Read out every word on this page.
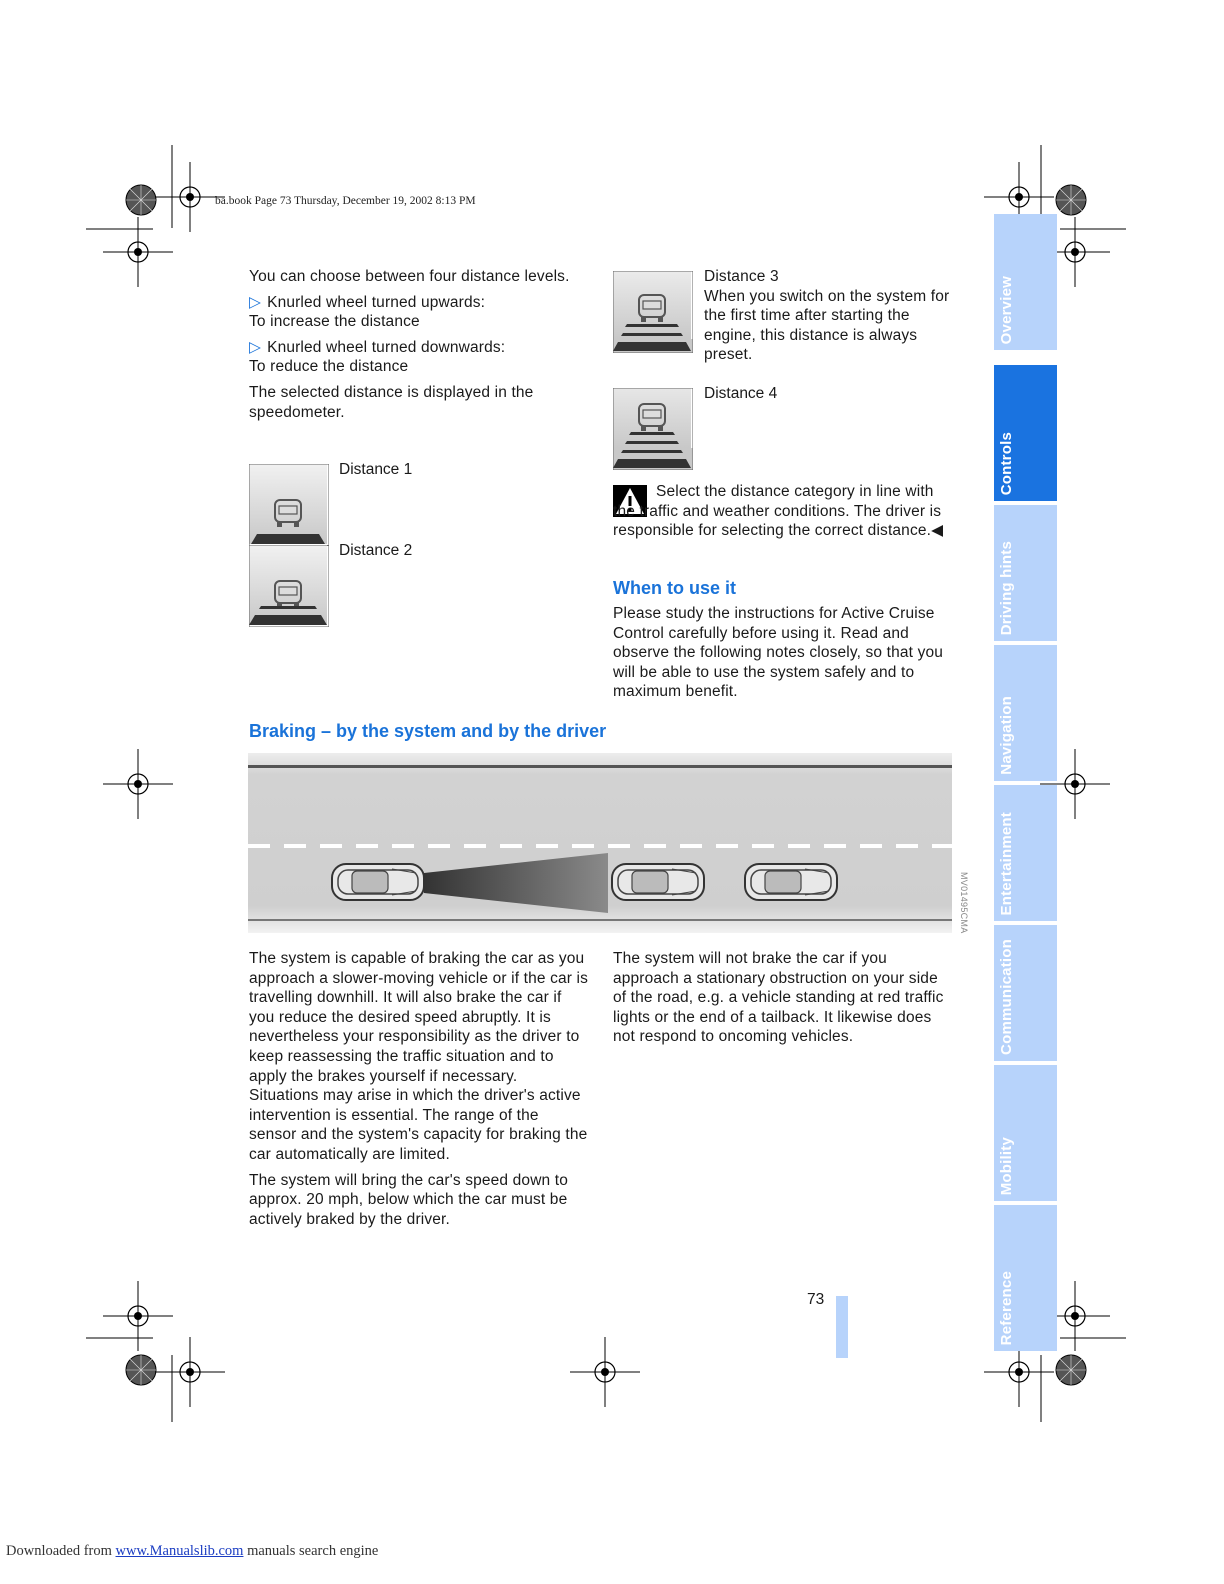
ba.book Page 73 Thursday, December 19, 2002 8:13 PM

You can choose between four distance levels.

▷ Knurled wheel turned upwards:

To increase the distance

▷ Knurled wheel turned downwards:

To reduce the distance

The selected distance is displayed in the speedometer.

Distance 1
Distance 2
Distance 3
When you switch on the system for the first time after starting the engine, this distance is always preset.
Distance 4
Select the distance category in line with the traffic and weather conditions. The driver is responsible for selecting the correct distance.◀
When to use it
Please study the instructions for Active Cruise Control carefully before using it. Read and observe the following notes closely, so that you will be able to use the system safely and to maximum benefit.
Braking – by the system and by the driver
MV01495CMA

The system is capable of braking the car as you approach a slower-moving vehicle or if the car is travelling downhill. It will also brake the car if you reduce the desired speed abruptly. It is nevertheless your responsibility as the driver to keep reassessing the traffic situation and to apply the brakes yourself if necessary.

Situations may arise in which the driver's active intervention is essential. The range of the sensor and the system's capacity for braking the car automatically are limited.

The system will bring the car's speed down to approx. 20 mph, below which the car must be actively braked by the driver.

The system will not brake the car if you approach a stationary obstruction on your side of the road, e.g. a vehicle standing at red traffic lights or the end of a tailback. It likewise does not respond to oncoming vehicles.

Overview
Controls
Driving hints
Navigation
Entertainment
Communication
Mobility
Reference
73
Downloaded from www.Manualslib.com manuals search engine
